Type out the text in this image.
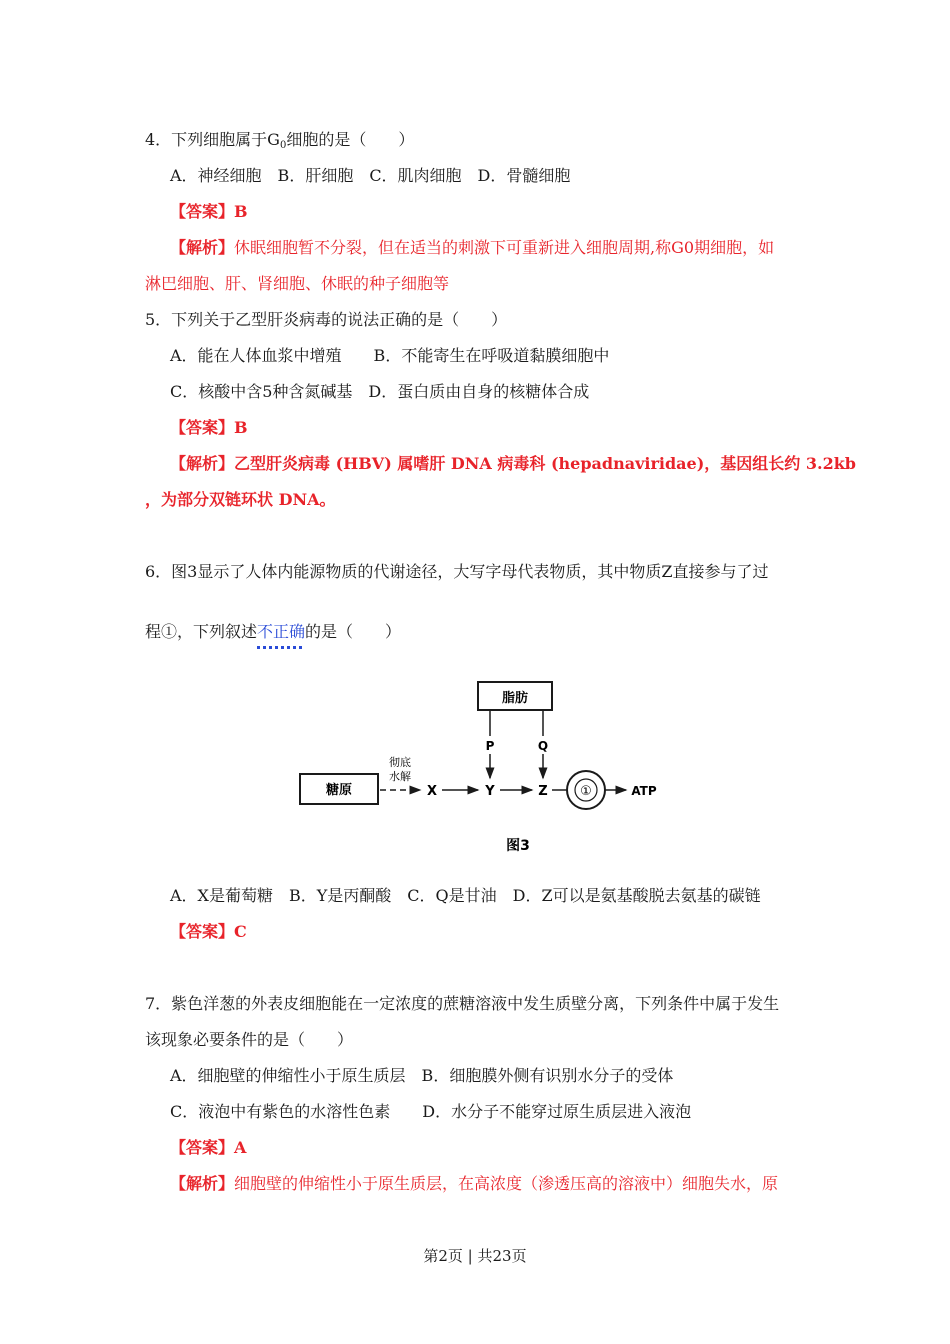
4．下列细胞属于$G_0$细胞的是（　　）
A．神经细胞　B．肝细胞　C．肌肉细胞　D．骨髓细胞
【答案】B
【解析】休眠细胞暂不分裂，但在适当的刺激下可重新进入细胞周期,称G0期细胞，如
淋巴细胞、肝、肾细胞、休眠的种子细胞等
5．下列关于乙型肝炎病毒的说法正确的是（　　）
A．能在人体血浆中增殖　　B．不能寄生在呼吸道黏膜细胞中
C．核酸中含5种含氮碱基　D．蛋白质由自身的核糖体合成
【答案】B
【解析】乙型肝炎病毒 (HBV) 属嗜肝 DNA 病毒科 (hepadnaviridae)，基因组长约 3.2kb
，为部分双链环状 DNA。
6．图3显示了人体内能源物质的代谢途径，大写字母代表物质，其中物质Z直接参与了过
程①，下列叙述不正确的是（　　）
脂肪
P	Q
糖原
彻底
水解
X	Y	Z ①	ATP
图3
A．X是葡萄糖　B．Y是丙酮酸　C．Q是甘油　D．Z可以是氨基酸脱去氨基的碳链
【答案】C
7．紫色洋葱的外表皮细胞能在一定浓度的蔗糖溶液中发生质壁分离，下列条件中属于发生
该现象必要条件的是（　　）
A．细胞壁的伸缩性小于原生质层　B．细胞膜外侧有识别水分子的受体
C．液泡中有紫色的水溶性色素　　D．水分子不能穿过原生质层进入液泡
【答案】A
【解析】细胞壁的伸缩性小于原生质层，在高浓度（渗透压高的溶液中）细胞失水，原
第2页 | 共23页
